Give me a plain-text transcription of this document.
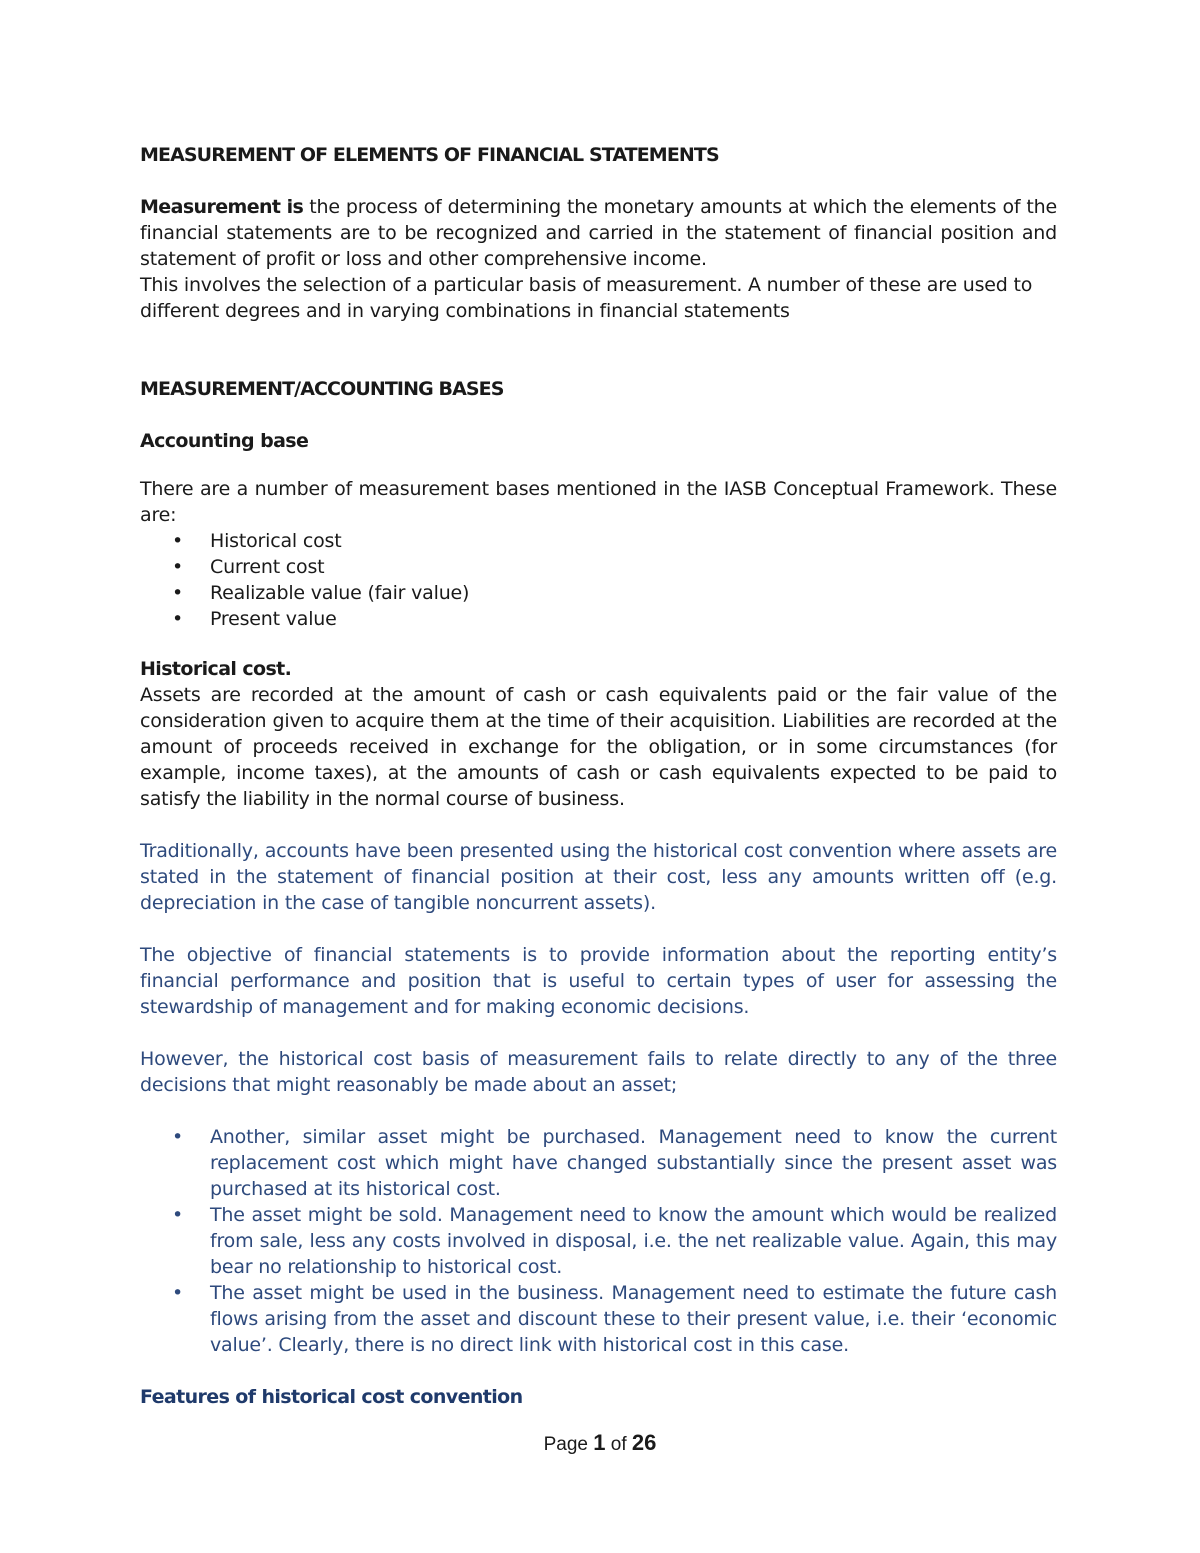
MEASUREMENT OF ELEMENTS OF FINANCIAL STATEMENTS

Measurement is the process of determining the monetary amounts at which the elements of the financial statements are to be recognized and carried in the statement of financial position and statement of profit or loss and other comprehensive income.

This involves the selection of a particular basis of measurement. A number of these are used to different degrees and in varying combinations in financial statements

MEASUREMENT/ACCOUNTING BASES

Accounting base

There are a number of measurement bases mentioned in the IASB Conceptual Framework. These are:

• Historical cost
• Current cost
• Realizable value (fair value)
• Present value

Historical cost.

Assets are recorded at the amount of cash or cash equivalents paid or the fair value of the consideration given to acquire them at the time of their acquisition. Liabilities are recorded at the amount of proceeds received in exchange for the obligation, or in some circumstances (for example, income taxes), at the amounts of cash or cash equivalents expected to be paid to satisfy the liability in the normal course of business.

Traditionally, accounts have been presented using the historical cost convention where assets are stated in the statement of financial position at their cost, less any amounts written off (e.g. depreciation in the case of tangible noncurrent assets).

The objective of financial statements is to provide information about the reporting entity’s financial performance and position that is useful to certain types of user for assessing the stewardship of management and for making economic decisions.

However, the historical cost basis of measurement fails to relate directly to any of the three decisions that might reasonably be made about an asset;

• Another, similar asset might be purchased. Management need to know the current replacement cost which might have changed substantially since the present asset was purchased at its historical cost.
• The asset might be sold. Management need to know the amount which would be realized from sale, less any costs involved in disposal, i.e. the net realizable value. Again, this may bear no relationship to historical cost.
• The asset might be used in the business. Management need to estimate the future cash flows arising from the asset and discount these to their present value, i.e. their ‘economic value’. Clearly, there is no direct link with historical cost in this case.

Features of historical cost convention

Page 1 of 26
